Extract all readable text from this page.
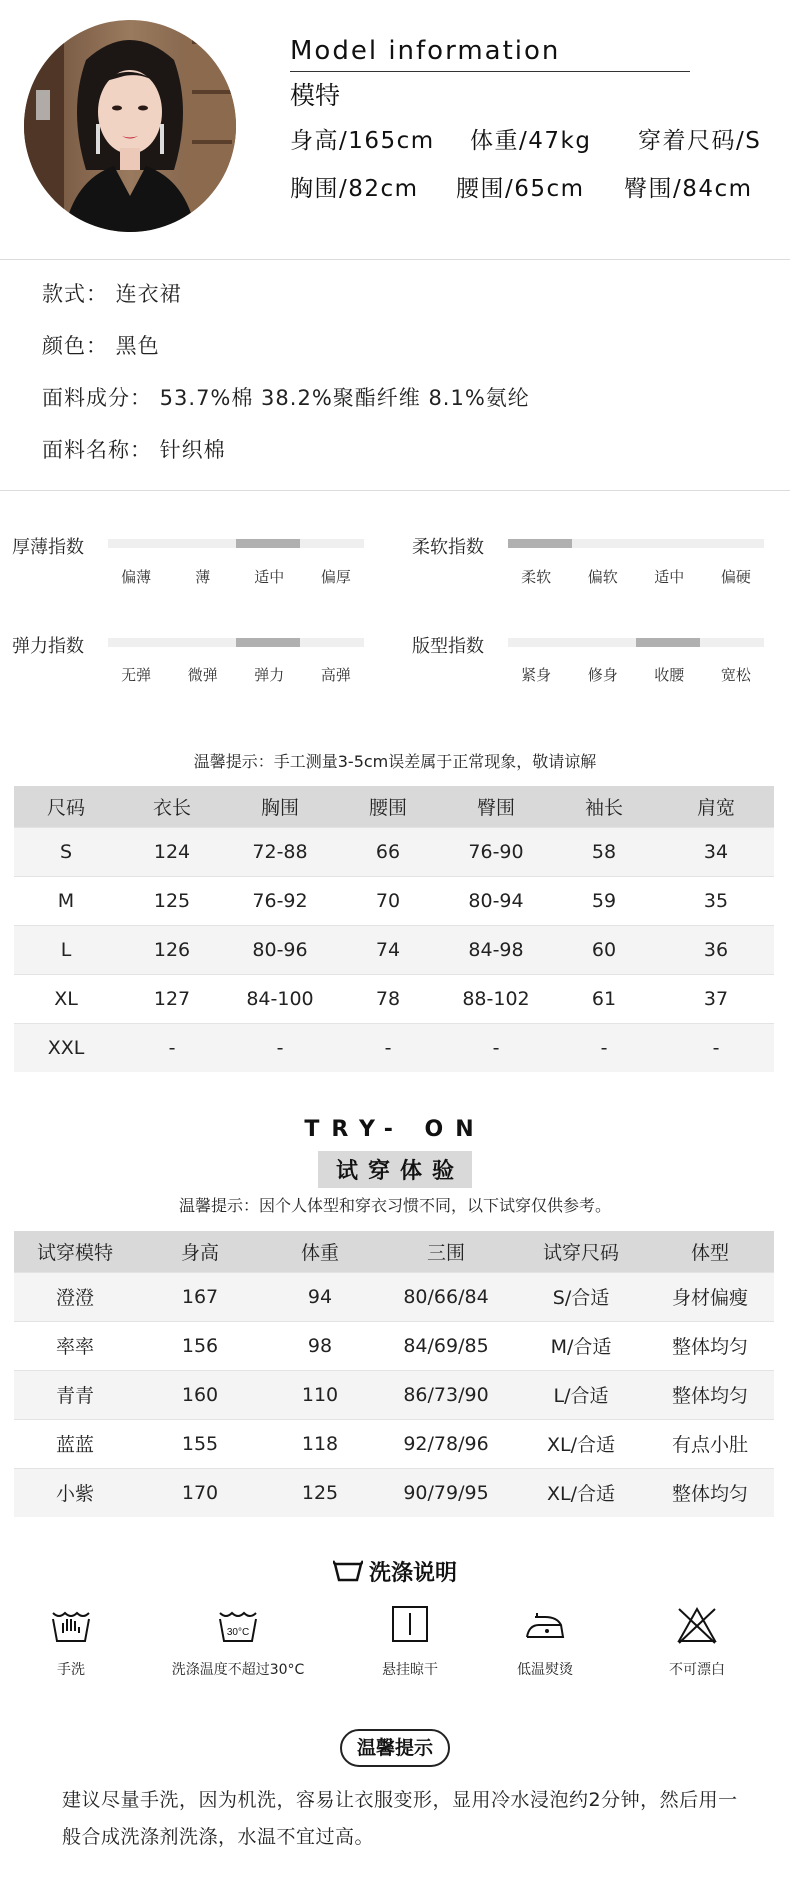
Model information
模特
身高/165cm 体重/47kg 穿着尺码/S
胸围/82cm 腰围/65cm 臀围/84cm
款式： 连衣裙
颜色： 黑色
面料成分： 53.7%棉 38.2%聚酯纤维 8.1%氨纶
面料名称： 针织棉
厚薄指数
偏薄	薄	适中	偏厚
柔软指数
柔软	偏软	适中	偏硬
弹力指数
无弹	微弹	弹力	高弹
版型指数
紧身	修身	收腰	宽松
温馨提示：手工测量3-5cm误差属于正常现象，敬请谅解
尺码	衣长	胸围	腰围	臀围	袖长	肩宽
S	124	72-88	66	76-90	58	34
M	125	76-92	70	80-94	59	35
L	126	80-96	74	84-98	60	36
XL	127	84-100	78	88-102	61	37
XXL	-	-	-	-	-	-
TRY- ON
试穿体验
温馨提示：因个人体型和穿衣习惯不同，以下试穿仅供参考。
试穿模特	身高	体重	三围	试穿尺码	体型
澄澄	167	94	80/66/84	S/合适	身材偏瘦
率率	156	98	84/69/85	M/合适	整体均匀
青青	160	110	86/73/90	L/合适	整体均匀
蓝蓝	155	118	92/78/96	XL/合适	有点小肚
小紫	170	125	90/79/95	XL/合适	整体均匀
洗涤说明
手洗
30°C
洗涤温度不超过30°C	悬挂晾干	低温熨烫	不可漂白
温馨提示
建议尽量手洗，因为机洗，容易让衣服变形，显用冷水浸泡约2分钟，然后用一般合成洗涤剂洗涤，水温不宜过高。
